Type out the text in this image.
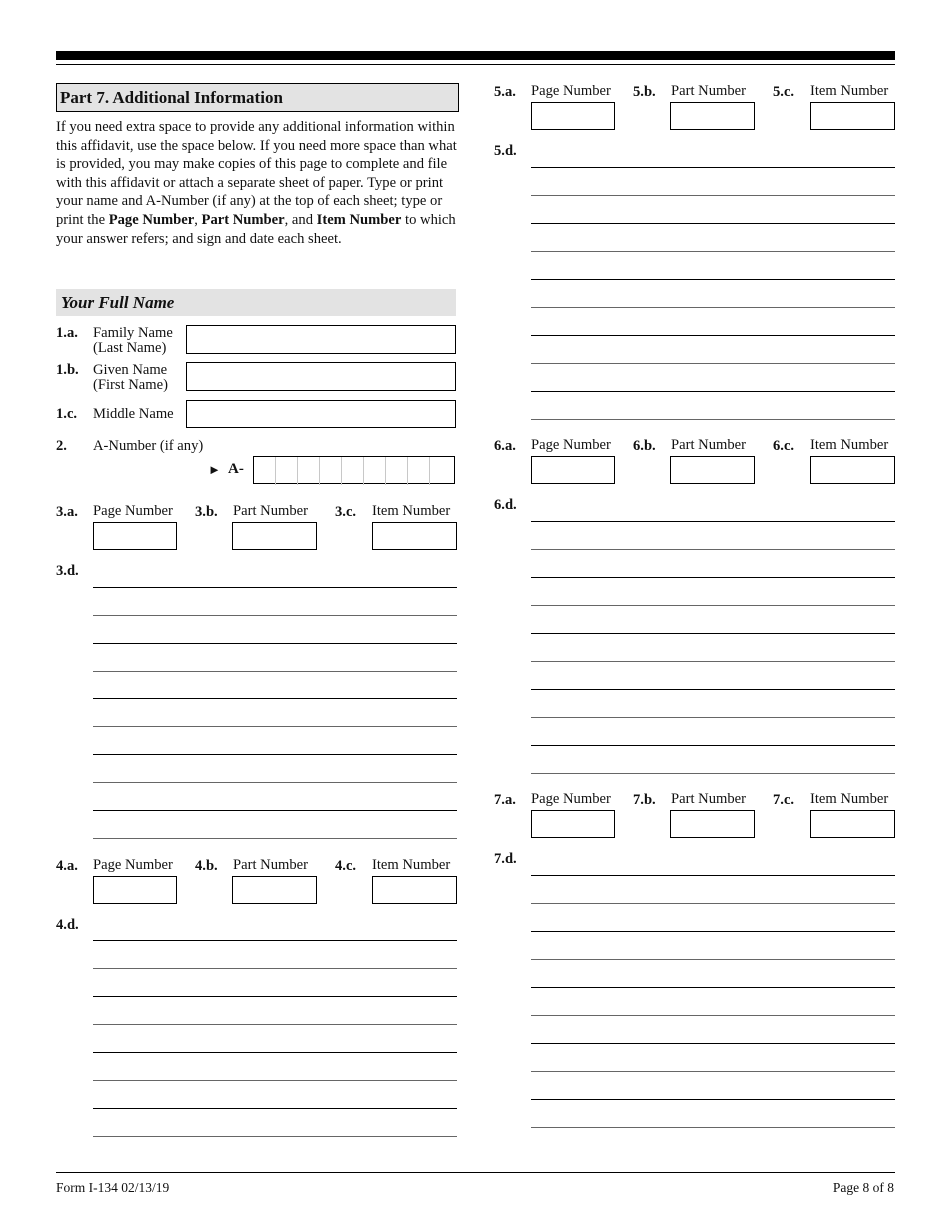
Part 7. Additional Information
If you need extra space to provide any additional information within this affidavit, use the space below. If you need more space than what is provided, you may make copies of this page to complete and file with this affidavit or attach a separate sheet of paper. Type or print your name and A-Number (if any) at the top of each sheet; type or print the Page Number, Part Number, and Item Number to which your answer refers; and sign and date each sheet.
Your Full Name
1.a. Family Name
(Last Name)
1.b. Given Name
(First Name)
1.c. Middle Name
2. A-Number (if any)
► A-
3.a. Page Number 3.b. Part Number 3.c. Item Number
3.d.
4.a. Page Number 4.b. Part Number 4.c. Item Number
4.d.
5.a. Page Number 5.b. Part Number 5.c. Item Number
5.d.
6.a. Page Number 6.b. Part Number 6.c. Item Number
6.d.
7.a. Page Number 7.b. Part Number 7.c. Item Number
7.d.
Form I-134 02/13/19	Page 8 of 8
